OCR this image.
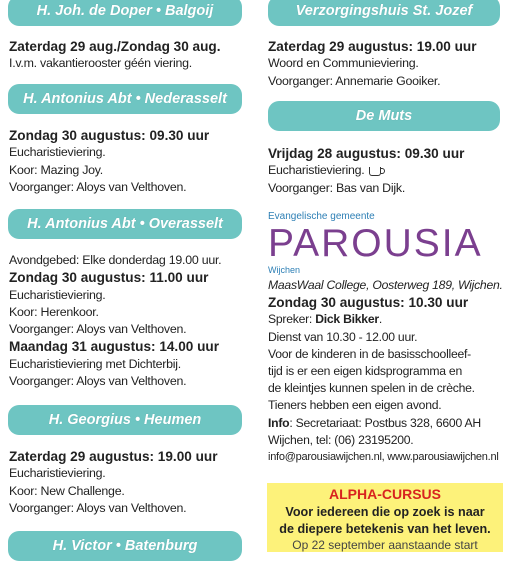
H. Joh. de Doper • Balgoij
Zaterdag 29 aug./Zondag 30 aug.
I.v.m. vakantierooster géén viering.
H. Antonius Abt • Nederasselt
Zondag 30 augustus: 09.30 uur
Eucharistieviering.
Koor: Mazing Joy.
Voorganger: Aloys van Velthoven.
H. Antonius Abt • Overasselt
Avondgebed: Elke donderdag 19.00 uur.
Zondag 30 augustus: 11.00 uur
Eucharistieviering.
Koor: Herenkoor.
Voorganger: Aloys van Velthoven.
Maandag 31 augustus: 14.00 uur
Eucharistieviering met Dichterbij.
Voorganger: Aloys van Velthoven.
H. Georgius • Heumen
Zaterdag 29 augustus: 19.00 uur
Eucharistieviering.
Koor: New Challenge.
Voorganger: Aloys van Velthoven.
H. Victor • Batenburg
Verzorgingshuis St. Jozef
Zaterdag 29 augustus: 19.00 uur
Woord en Communieviering.
Voorganger: Annemarie Gooiker.
De Muts
Vrijdag 28 augustus: 09.30 uur
Eucharistieviering.
Voorganger: Bas van Dijk.
Evangelische gemeente
PAROUSIA
Wijchen
MaasWaal College, Oosterweg 189, Wijchen.
Zondag 30 augustus: 10.30 uur
Spreker: Dick Bikker.
Dienst van 10.30 - 12.00 uur.
Voor de kinderen in de basisschoolleef-
tijd is er een eigen kidsprogramma en
de kleintjes kunnen spelen in de crèche.
Tieners hebben een eigen avond.
Info: Secretariaat: Postbus 328, 6600 AH
Wijchen, tel: (06) 23195200.
info@parousiawijchen.nl, www.parousiawijchen.nl
ALPHA-CURSUS
Voor iedereen die op zoek is naar
de diepere betekenis van het leven.
Op 22 september aanstaande start
